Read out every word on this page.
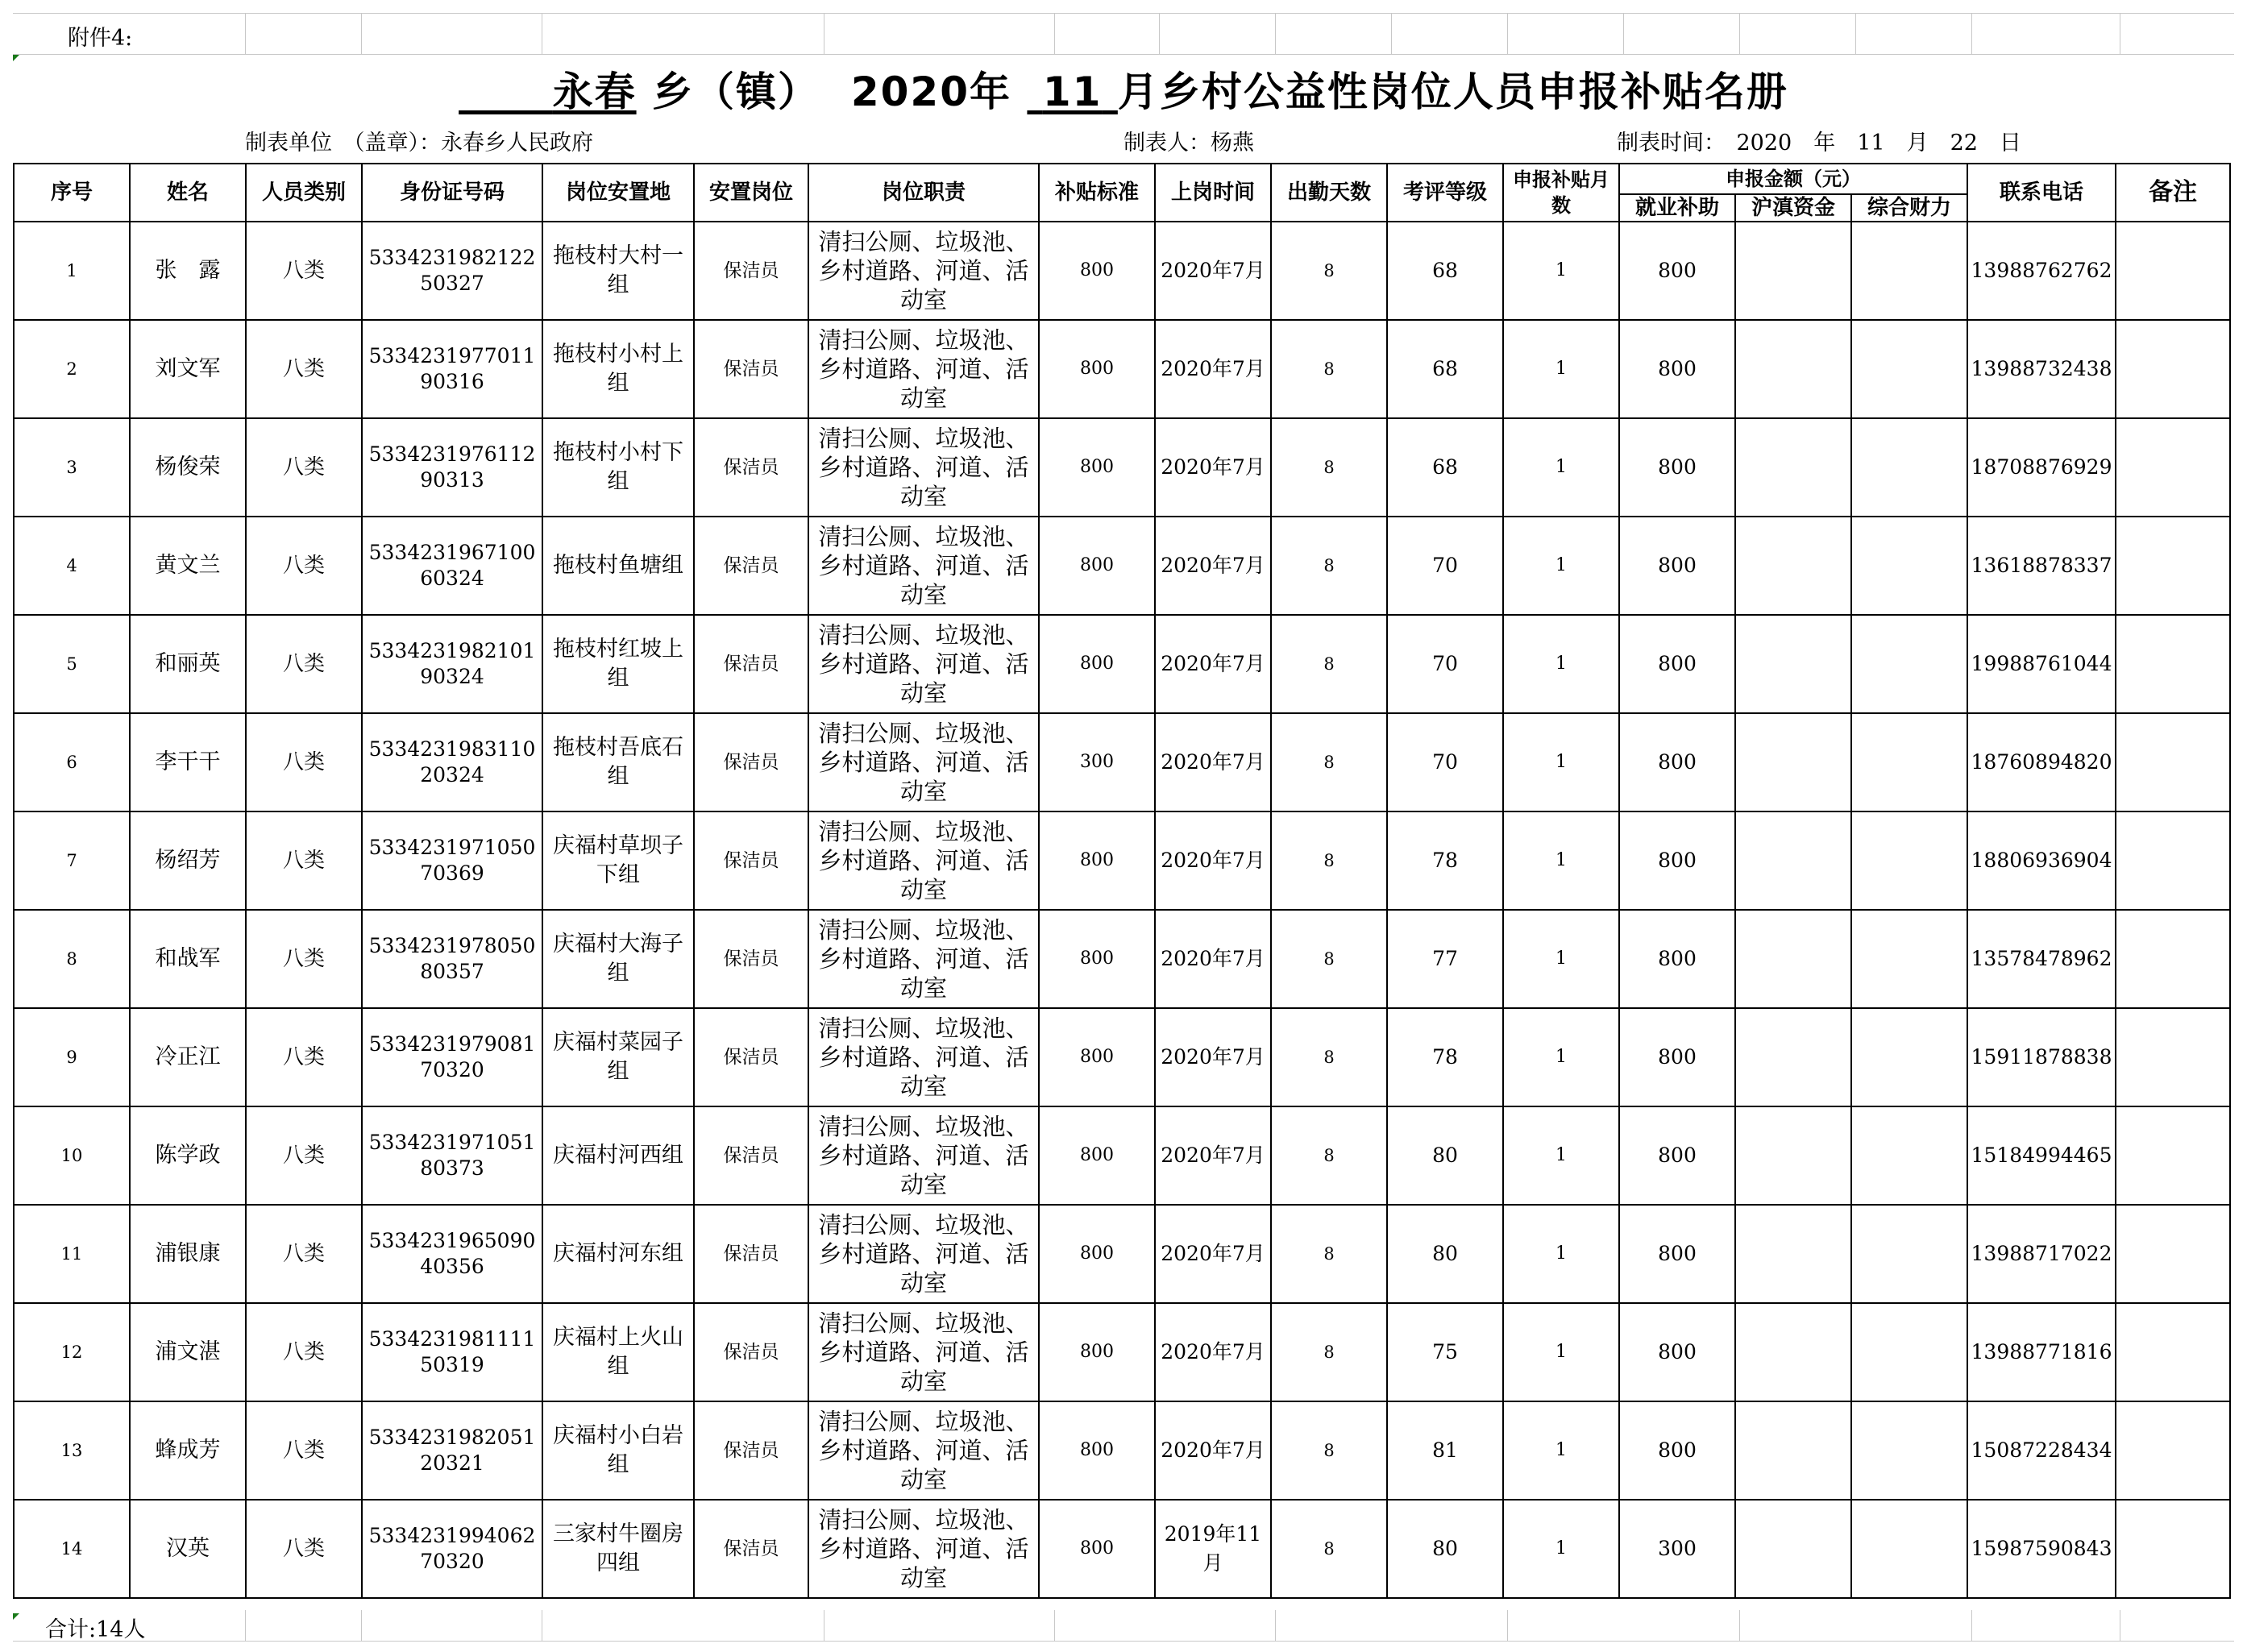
附件4:
永春 乡（镇） 2020年 11 月乡村公益性岗位人员申报补贴名册
制表单位　（盖章）：永春乡人民政府	制表人：杨燕	制表时间：　2020　年　11　月　22　日
序号	姓名	人员类别	身份证号码	岗位安置地	安置岗位	岗位职责	补贴标准	上岗时间	出勤天数	考评等级	申报补贴月数	申报金额（元）			联系电话	备注
												就业补助	沪滇资金	综合财力		
1	张　露	八类	533423198212250327	拖枝村大村一组	保洁员	清扫公厕、垃圾池、乡村道路、河道、活动室	800	2020年7月	8	68	1	800			13988762762	
2	刘文军	八类	533423197701190316	拖枝村小村上组	保洁员	清扫公厕、垃圾池、乡村道路、河道、活动室	800	2020年7月	8	68	1	800			13988732438	
3	杨俊荣	八类	533423197611290313	拖枝村小村下组	保洁员	清扫公厕、垃圾池、乡村道路、河道、活动室	800	2020年7月	8	68	1	800			18708876929	
4	黄文兰	八类	533423196710060324	拖枝村鱼塘组	保洁员	清扫公厕、垃圾池、乡村道路、河道、活动室	800	2020年7月	8	70	1	800			13618878337	
5	和丽英	八类	533423198210190324	拖枝村红坡上组	保洁员	清扫公厕、垃圾池、乡村道路、河道、活动室	800	2020年7月	8	70	1	800			19988761044	
6	李干干	八类	533423198311020324	拖枝村吾底石组	保洁员	清扫公厕、垃圾池、乡村道路、河道、活动室	300	2020年7月	8	70	1	800			18760894820	
7	杨绍芳	八类	533423197105070369	庆福村草坝子下组	保洁员	清扫公厕、垃圾池、乡村道路、河道、活动室	800	2020年7月	8	78	1	800			18806936904	
8	和战军	八类	533423197805080357	庆福村大海子组	保洁员	清扫公厕、垃圾池、乡村道路、河道、活动室	800	2020年7月	8	77	1	800			13578478962	
9	冷正江	八类	533423197908170320	庆福村菜园子组	保洁员	清扫公厕、垃圾池、乡村道路、河道、活动室	800	2020年7月	8	78	1	800			15911878838	
10	陈学政	八类	533423197105180373	庆福村河西组	保洁员	清扫公厕、垃圾池、乡村道路、河道、活动室	800	2020年7月	8	80	1	800			15184994465	
11	浦银康	八类	533423196509040356	庆福村河东组	保洁员	清扫公厕、垃圾池、乡村道路、河道、活动室	800	2020年7月	8	80	1	800			13988717022	
12	浦文湛	八类	533423198111150319	庆福村上火山组	保洁员	清扫公厕、垃圾池、乡村道路、河道、活动室	800	2020年7月	8	75	1	800			13988771816	
13	蜂成芳	八类	533423198205120321	庆福村小白岩组	保洁员	清扫公厕、垃圾池、乡村道路、河道、活动室	800	2020年7月	8	81	1	800			15087228434	
14	汉英	八类	533423199406270320	三家村牛圈房四组	保洁员	清扫公厕、垃圾池、乡村道路、河道、活动室	800	2019年11月	8	80	1	300			15987590843	
合计:14人
